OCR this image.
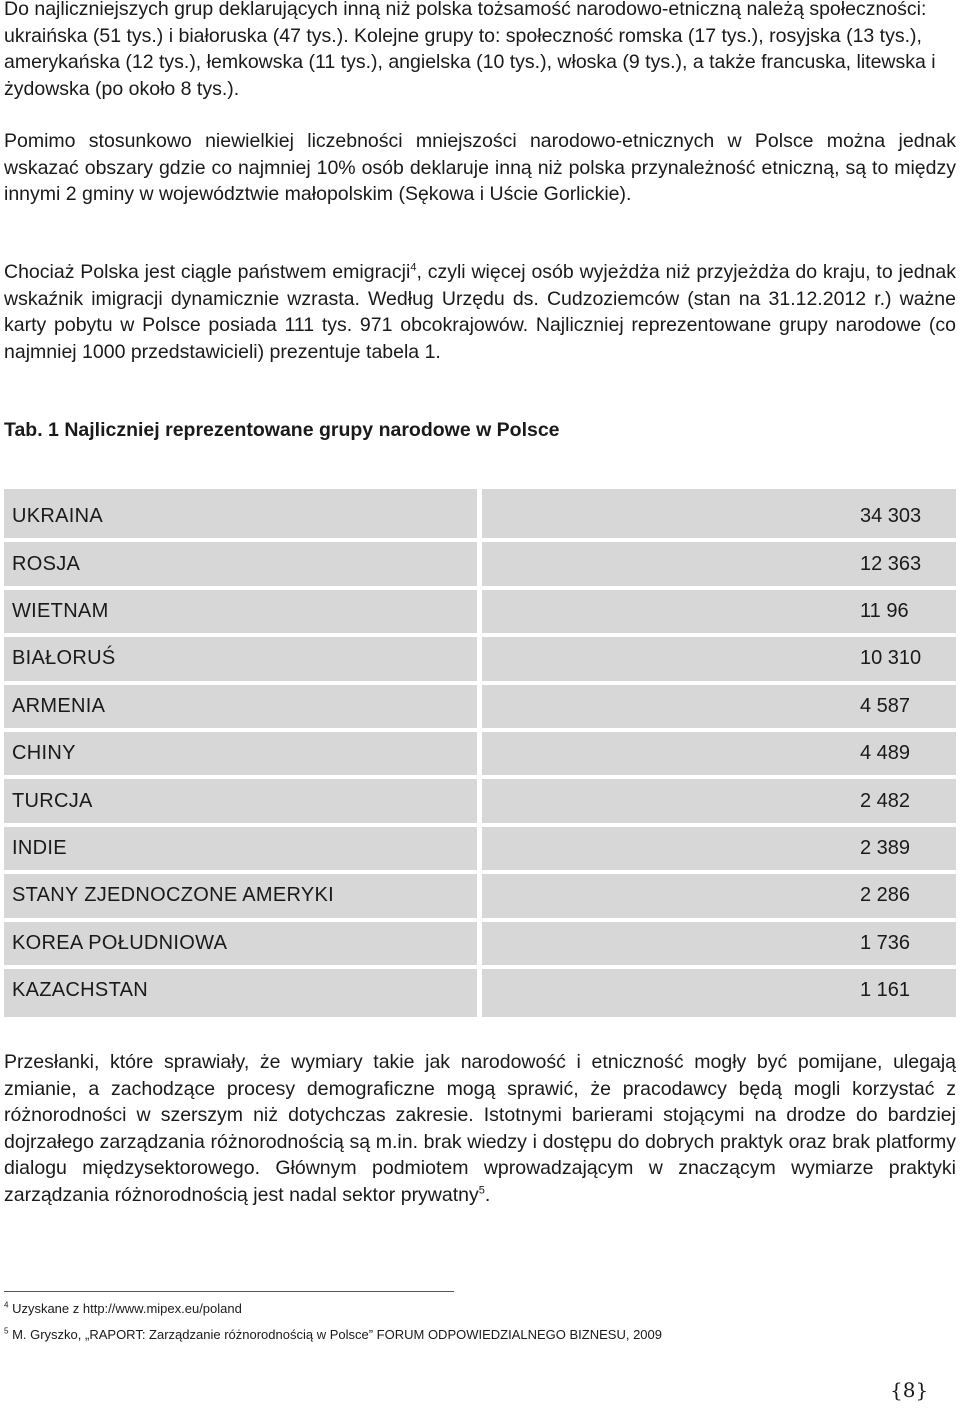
Do najliczniejszych grup deklarujących inną niż polska tożsamość narodowo-etniczną należą społeczności: ukraińska (51 tys.) i białoruska (47 tys.). Kolejne grupy to: społeczność romska (17 tys.), rosyjska (13 tys.), amerykańska (12 tys.), łemkowska (11 tys.), angielska (10 tys.), włoska (9 tys.), a także francuska, litewska i żydowska (po około 8 tys.).

Pomimo stosunkowo niewielkiej liczebności mniejszości narodowo-etnicznych w Polsce można jednak wskazać obszary gdzie co najmniej 10% osób deklaruje inną niż polska przynależność etniczną, są to między innymi 2 gminy w województwie małopolskim (Sękowa i Uście Gorlickie).

Chociaż Polska jest ciągle państwem emigracji$^4$, czyli więcej osób wyjeżdża niż przyjeżdża do kraju, to jednak wskaźnik imigracji dynamicznie wzrasta. Według Urzędu ds. Cudzoziemców (stan na 31.12.2012 r.) ważne karty pobytu w Polsce posiada 111 tys. 971 obcokrajowów. Najliczniej reprezentowane grupy narodowe (co najmniej 1000 przedstawicieli) prezentuje tabela 1.

Tab. 1 Najliczniej reprezentowane grupy narodowe w Polsce

UKRAINA	34 303
ROSJA	12 363
WIETNAM	11 96
BIAŁORUŚ	10 310
ARMENIA	4 587
CHINY	4 489
TURCJA	2 482
INDIE	2 389
STANY ZJEDNOCZONE AMERYKI	2 286
KOREA POŁUDNIOWA	1 736
KAZACHSTAN	1 161

Przesłanki, które sprawiały, że wymiary takie jak narodowość i etniczność mogły być pomijane, ulegają zmianie, a zachodzące procesy demograficzne mogą sprawić, że pracodawcy będą mogli korzystać z różnorodności w szerszym niż dotychczas zakresie. Istotnymi barierami stojącymi na drodze do bardziej dojrzałego zarządzania różnorodnością są m.in. brak wiedzy i dostępu do dobrych praktyk oraz brak platformy dialogu międzysektorowego. Głównym podmiotem wprowadzającym w znaczącym wymiarze praktyki zarządzania różnorodnością jest nadal sektor prywatny$^5$.

$^4$ Uzyskane z http://www.mipex.eu/poland

$^5$ M. Gryszko, „RAPORT: Zarządzanie różnorodnością w Polsce” FORUM ODPOWIEDZIALNEGO BIZNESU, 2009

{8}
